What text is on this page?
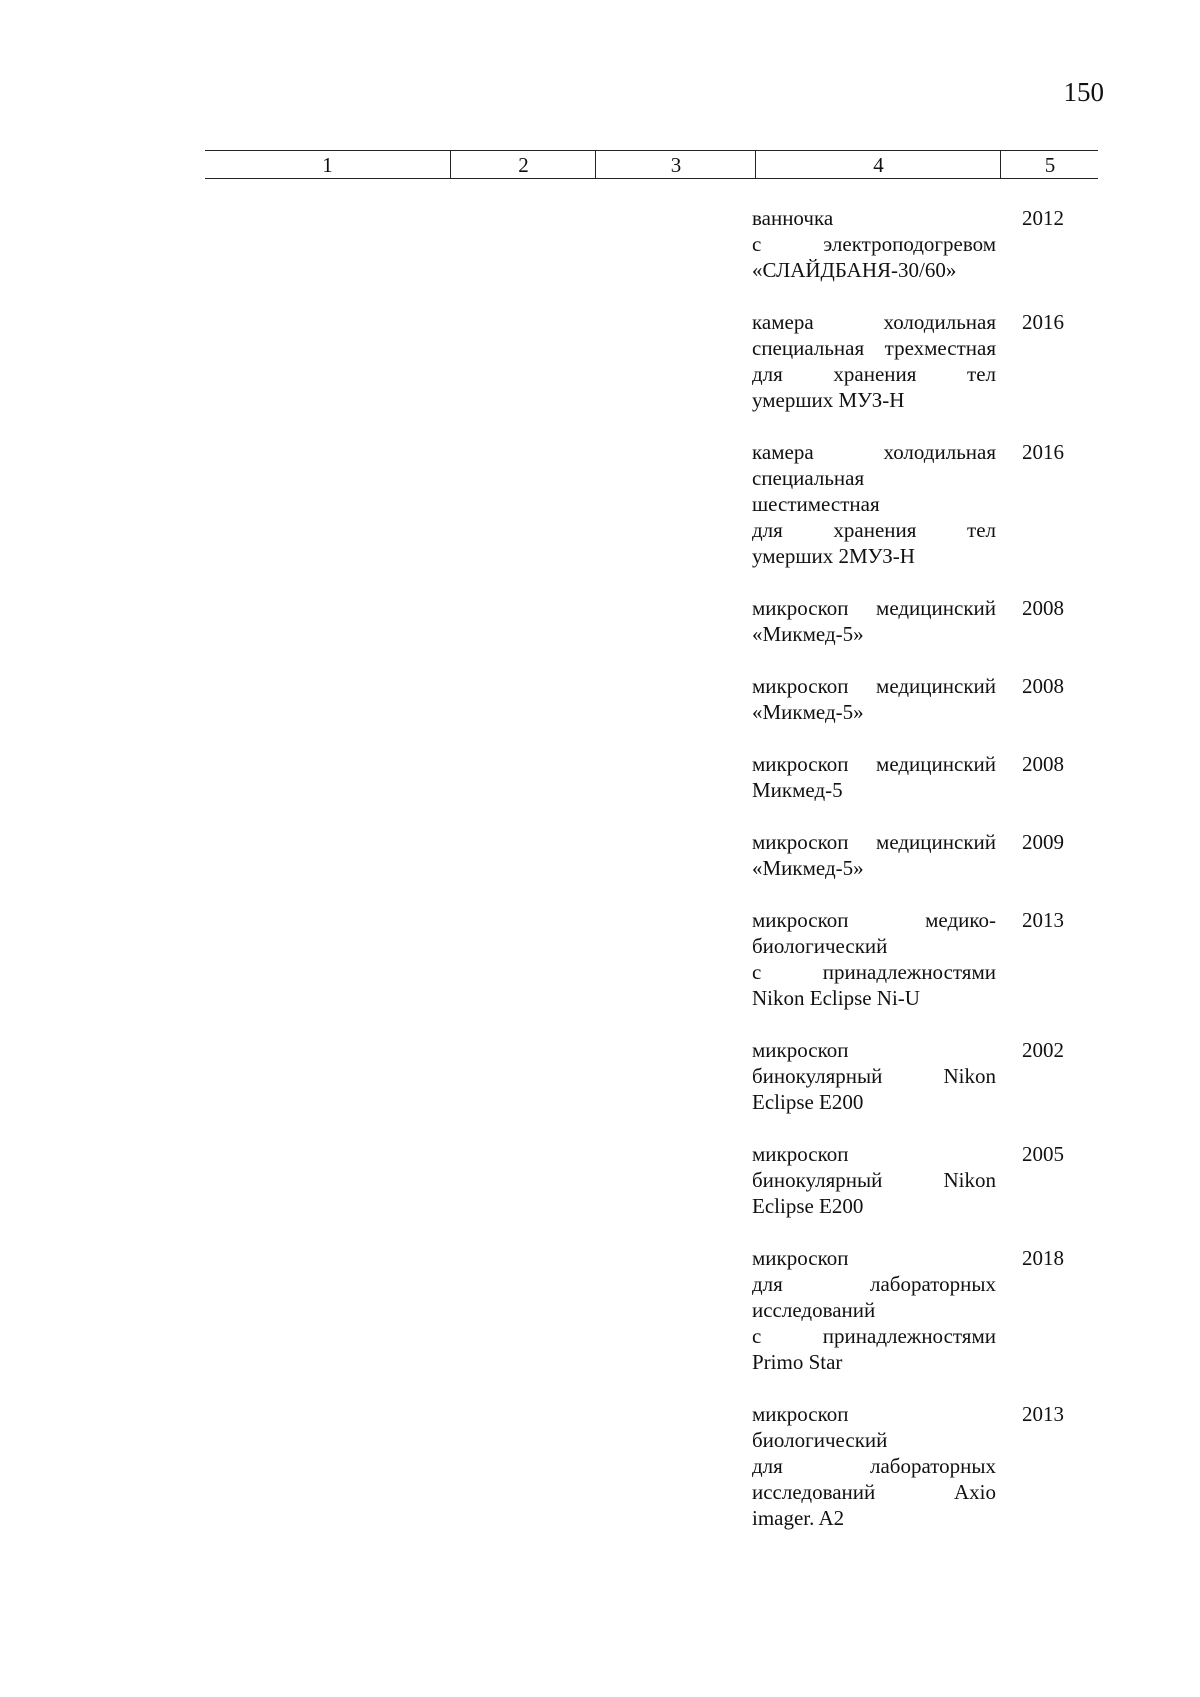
150
1	2	3	4	5
ванночка
с электроподогревом
«СЛАЙДБАНЯ-30/60»
2012
камера холодильная
специальная трехместная
для хранения тел
умерших МУЗ-Н
2016
камера холодильная
специальная
шестиместная
для хранения тел
умерших 2МУЗ-Н
2016
микроскоп медицинский
«Микмед-5»
2008
микроскоп медицинский
«Микмед-5»
2008
микроскоп медицинский
Микмед-5
2008
микроскоп медицинский
«Микмед-5»
2009
микроскоп медико-
биологический
с принадлежностями
Nikon Eclipse Ni-U
2013
микроскоп
бинокулярный Nikon
Eclipse E200
2002
микроскоп
бинокулярный Nikon
Eclipse E200
2005
микроскоп
для лабораторных
исследований
с принадлежностями
Primo Star
2018
микроскоп
биологический
для лабораторных
исследований Axio
imager. A2
2013
